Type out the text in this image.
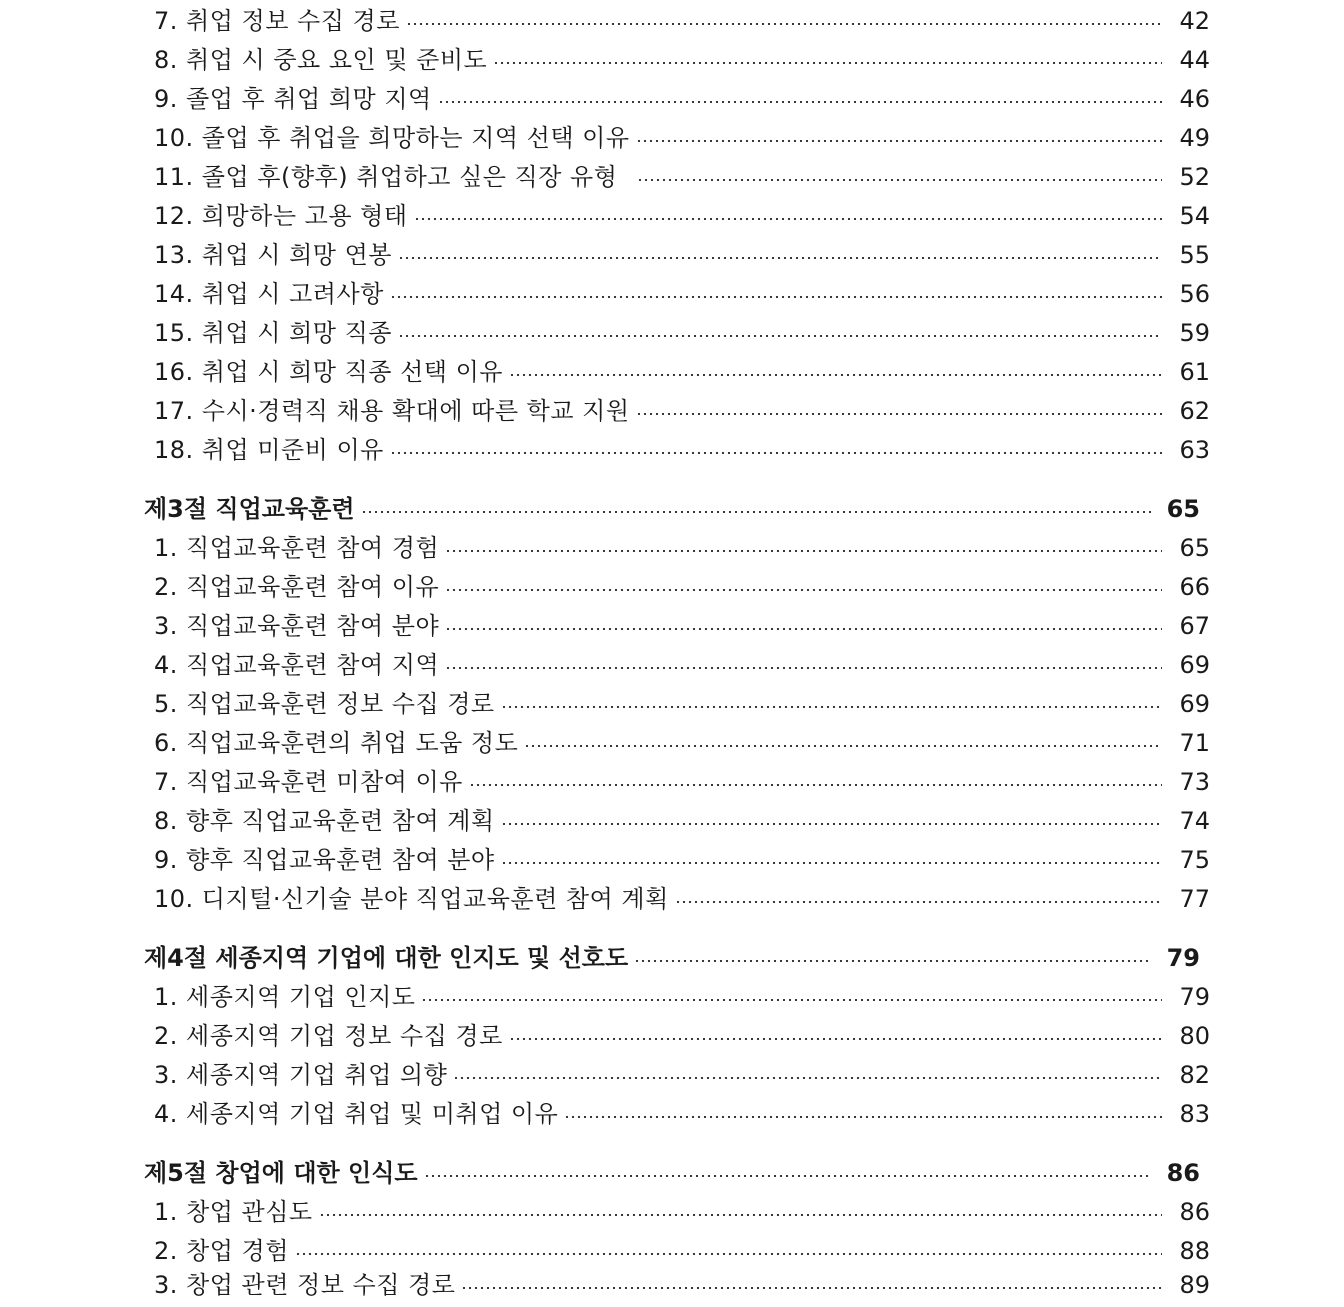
7. 취업 정보 수집 경로	42
8. 취업 시 중요 요인 및 준비도	44
9. 졸업 후 취업 희망 지역	46
10. 졸업 후 취업을 희망하는 지역 선택 이유	49
11. 졸업 후(향후) 취업하고 싶은 직장 유형	52
12. 희망하는 고용 형태	54
13. 취업 시 희망 연봉	55
14. 취업 시 고려사항	56
15. 취업 시 희망 직종	59
16. 취업 시 희망 직종 선택 이유	61
17. 수시·경력직 채용 확대에 따른 학교 지원	62
18. 취업 미준비 이유	63
제3절 직업교육훈련	65
1. 직업교육훈련 참여 경험	65
2. 직업교육훈련 참여 이유	66
3. 직업교육훈련 참여 분야	67
4. 직업교육훈련 참여 지역	69
5. 직업교육훈련 정보 수집 경로	69
6. 직업교육훈련의 취업 도움 정도	71
7. 직업교육훈련 미참여 이유	73
8. 향후 직업교육훈련 참여 계획	74
9. 향후 직업교육훈련 참여 분야	75
10. 디지털·신기술 분야 직업교육훈련 참여 계획	77
제4절 세종지역 기업에 대한 인지도 및 선호도	79
1. 세종지역 기업 인지도	79
2. 세종지역 기업 정보 수집 경로	80
3. 세종지역 기업 취업 의향	82
4. 세종지역 기업 취업 및 미취업 이유	83
제5절 창업에 대한 인식도	86
1. 창업 관심도	86
2. 창업 경험	88
3. 창업 관련 정보 수집 경로	89
